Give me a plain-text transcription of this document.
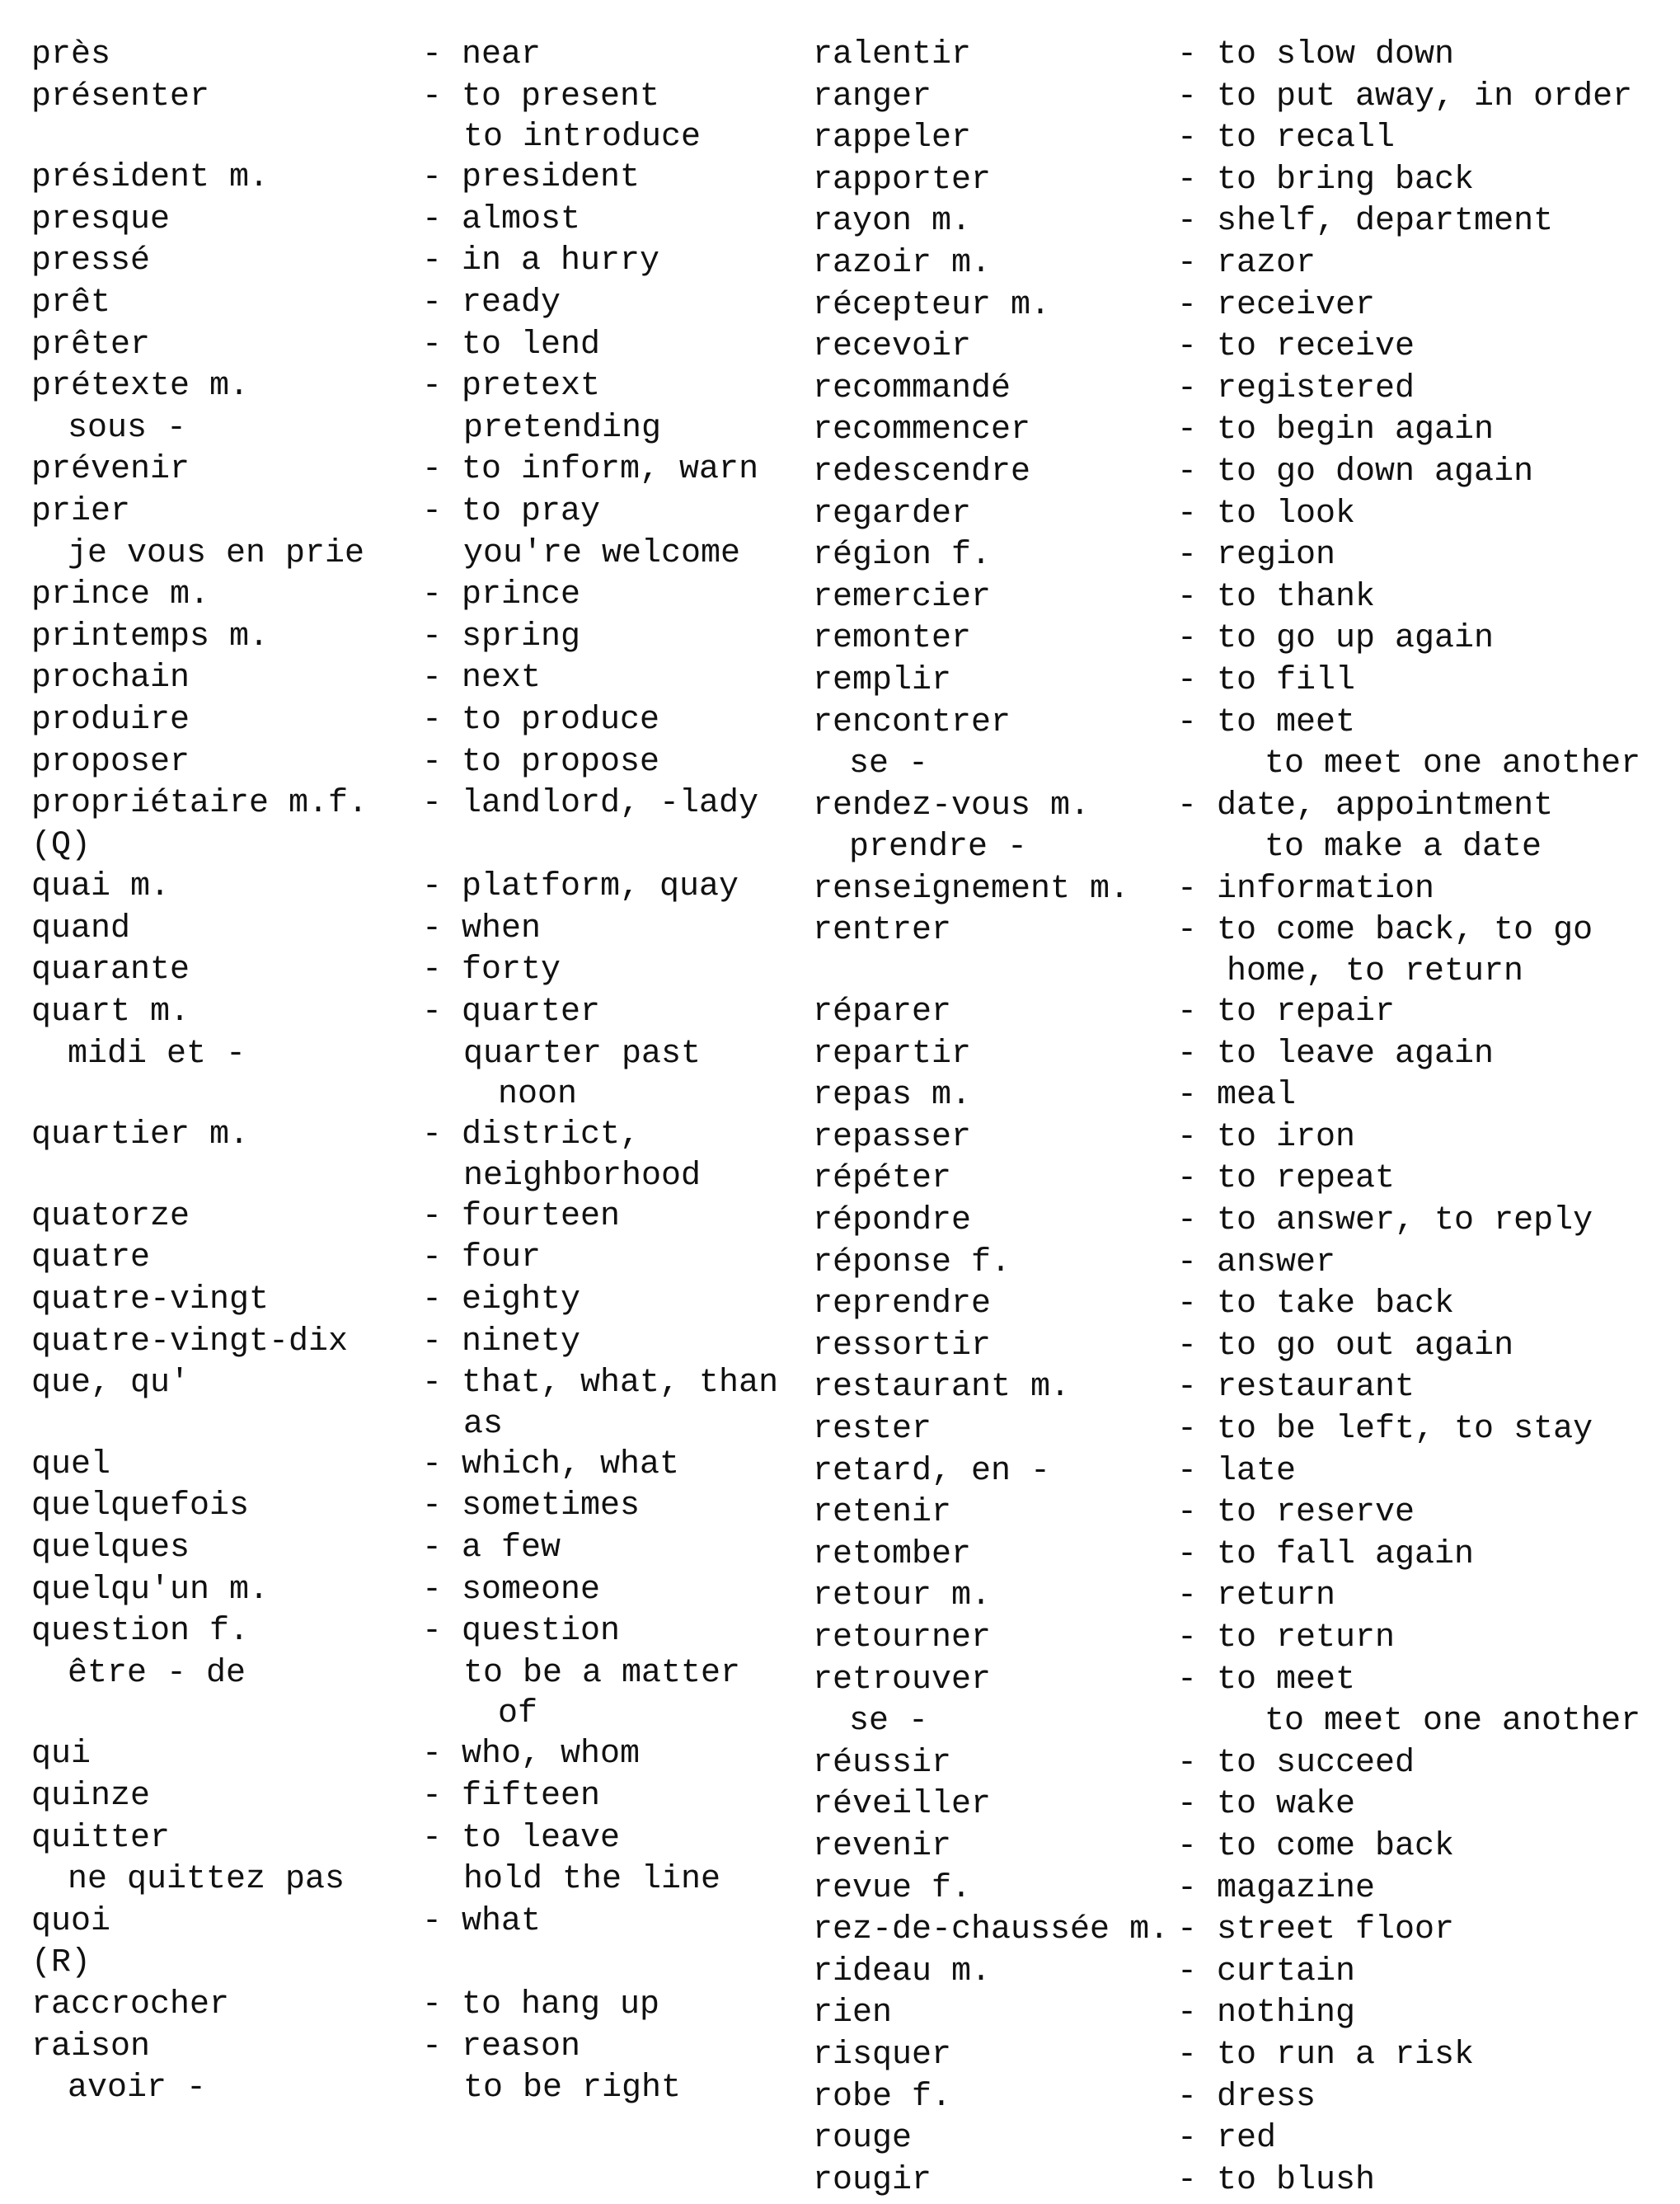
près	- near
présenter	- to present
to introduce
président m.	- president
presque	- almost
pressé	- in a hurry
prêt	- ready
prêter	- to lend
prétexte m.	- pretext
sous -	pretending
prévenir	- to inform, warn
prier	- to pray
je vous en prie	you're welcome
prince m.	- prince
printemps m.	- spring
prochain	- next
produire	- to produce
proposer	- to propose
propriétaire m.f. - landlord, -lady
(Q)
quai m.	- platform, quay
quand	- when
quarante	- forty
quart m.	- quarter
midi et -	quarter past
noon
quartier m.	- district,
neighborhood
quatorze	- fourteen
quatre	- four
quatre-vingt	- eighty
quatre-vingt-dix - ninety
que, qu'	- that, what, than
as
quel	- which, what
quelquefois	- sometimes
quelques	- a few
quelqu'un m.	- someone
question f.	- question
être - de	to be a matter
of
qui	- who, whom
quinze	- fifteen
quitter	- to leave
ne quittez pas	hold the line
quoi	- what
(R)
raccrocher	- to hang up
raison	- reason
avoir -	to be right
ralentir	- to slow down
ranger	- to put away, in order
rappeler	- to recall
rapporter	- to bring back
rayon m.	- shelf, department
razoir m.	- razor
récepteur m.	- receiver
recevoir	- to receive
recommandé	- registered
recommencer	- to begin again
redescendre	- to go down again
regarder	- to look
région f.	- region
remercier	- to thank
remonter	- to go up again
remplir	- to fill
rencontrer	- to meet
se -	to meet one another
rendez-vous m.	- date, appointment
prendre -	to make a date
renseignement m. - information
rentrer	- to come back, to go
home, to return
réparer	- to repair
repartir	- to leave again
repas m.	- meal
repasser	- to iron
répéter	- to repeat
répondre	- to answer, to reply
réponse f.	- answer
reprendre	- to take back
ressortir	- to go out again
restaurant m.	- restaurant
rester	- to be left, to stay
retard, en -	- late
retenir	- to reserve
retomber	- to fall again
retour m.	- return
retourner	- to return
retrouver	- to meet
se -	to meet one another
réussir	- to succeed
réveiller	- to wake
revenir	- to come back
revue f.	- magazine
rez-de-chaussée m. - street floor
rideau m.	- curtain
rien	- nothing
risquer	- to run a risk
robe f.	- dress
rouge	- red
rougir	- to blush
